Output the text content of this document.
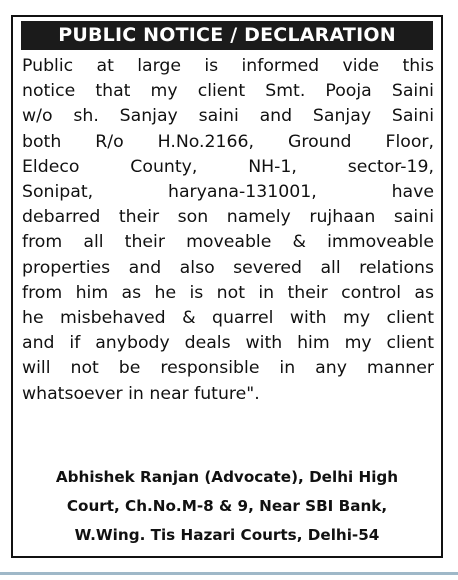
PUBLIC NOTICE / DECLARATION

Public at large is informed vide this
notice that my client Smt. Pooja Saini
w/o sh. Sanjay saini and Sanjay Saini
both R/o H.No.2166, Ground Floor,
Eldeco County, NH-1, sector-19,
Sonipat, haryana-131001, have
debarred their son namely rujhaan saini
from all their moveable & immoveable
properties and also severed all relations
from him as he is not in their control as
he misbehaved & quarrel with my client
and if anybody deals with him my client
will not be responsible in any manner
whatsoever in near future".

Abhishek Ranjan (Advocate), Delhi High
Court, Ch.No.M-8 & 9, Near SBI Bank,
W.Wing. Tis Hazari Courts, Delhi-54
